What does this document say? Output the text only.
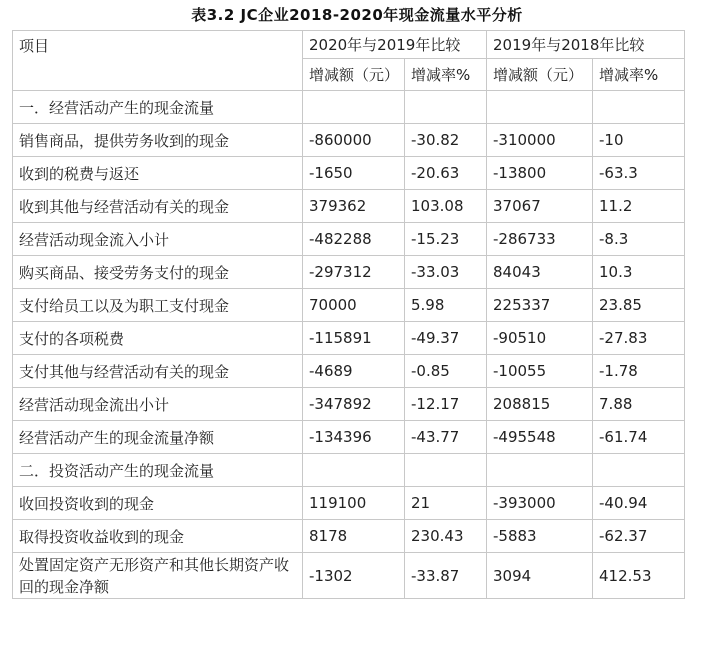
表3.2 JC企业2018-2020年现金流量水平分析
项目	2020年与2019年比较		2019年与2018年比较	
	增减额（元）	增减率%	增减额（元）	增减率%
一．经营活动产生的现金流量				
销售商品，提供劳务收到的现金	-860000	-30.82	-310000	-10
收到的税费与返还	-1650	-20.63	-13800	-63.3
收到其他与经营活动有关的现金	379362	103.08	37067	11.2
经营活动现金流入小计	-482288	-15.23	-286733	-8.3
购买商品、接受劳务支付的现金	-297312	-33.03	84043	10.3
支付给员工以及为职工支付现金	70000	5.98	225337	23.85
支付的各项税费	-115891	-49.37	-90510	-27.83
支付其他与经营活动有关的现金	-4689	-0.85	-10055	-1.78
经营活动现金流出小计	-347892	-12.17	208815	7.88
经营活动产生的现金流量净额	-134396	-43.77	-495548	-61.74
二．投资活动产生的现金流量				
收回投资收到的现金	119100	21	-393000	-40.94
取得投资收益收到的现金	8178	230.43	-5883	-62.37
处置固定资产无形资产和其他长期资产收回的现金净额	-1302	-33.87	3094	412.53
